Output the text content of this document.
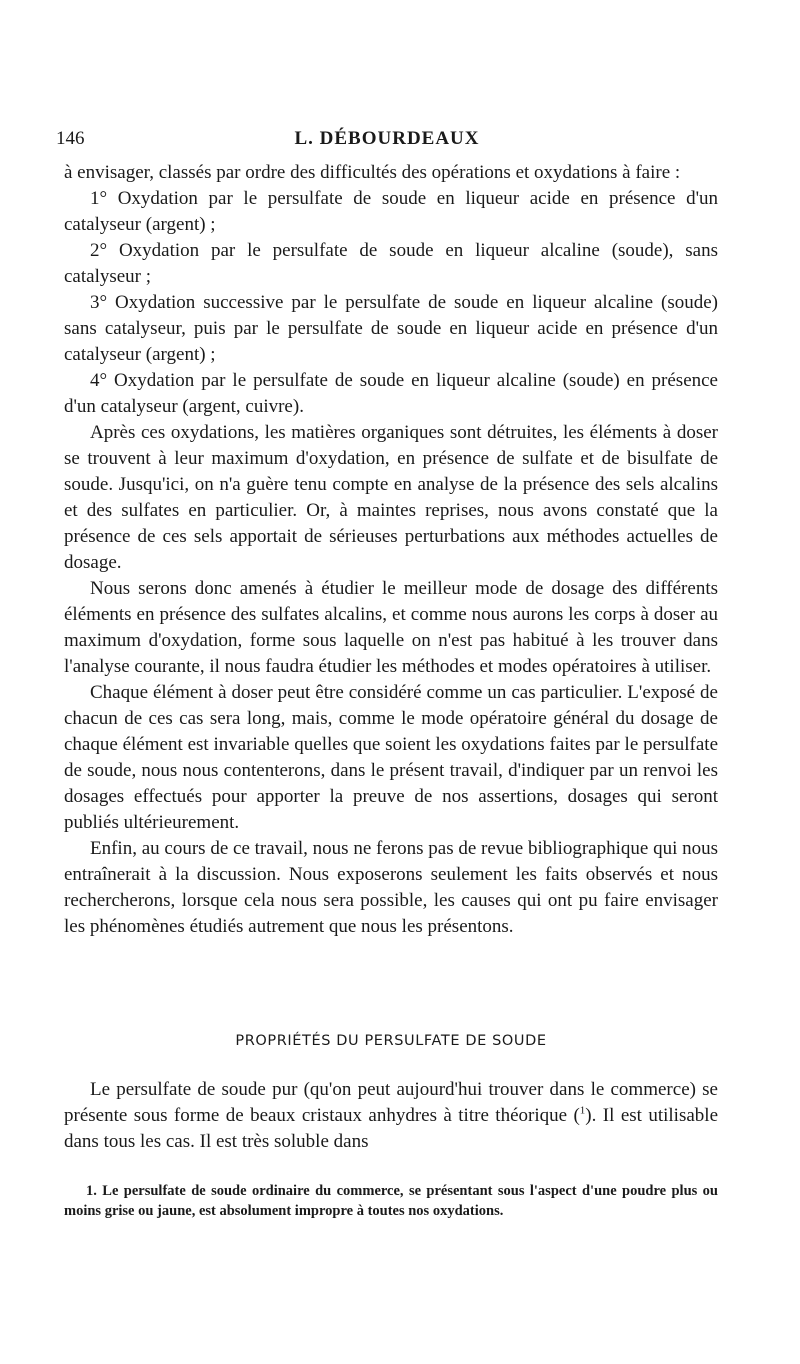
146	L. DÉBOURDEAUX

à envisager, classés par ordre des difficultés des opérations et oxydations à faire :

1° Oxydation par le persulfate de soude en liqueur acide en présence d'un catalyseur (argent) ;

2° Oxydation par le persulfate de soude en liqueur alcaline (soude), sans catalyseur ;

3° Oxydation successive par le persulfate de soude en liqueur alcaline (soude) sans catalyseur, puis par le persulfate de soude en liqueur acide en présence d'un catalyseur (argent) ;

4° Oxydation par le persulfate de soude en liqueur alcaline (soude) en présence d'un catalyseur (argent, cuivre).

Après ces oxydations, les matières organiques sont détruites, les éléments à doser se trouvent à leur maximum d'oxydation, en présence de sulfate et de bisulfate de soude. Jusqu'ici, on n'a guère tenu compte en analyse de la présence des sels alcalins et des sulfates en particulier. Or, à maintes reprises, nous avons constaté que la présence de ces sels apportait de sérieuses perturbations aux méthodes actuelles de dosage.

Nous serons donc amenés à étudier le meilleur mode de dosage des différents éléments en présence des sulfates alcalins, et comme nous aurons les corps à doser au maximum d'oxydation, forme sous laquelle on n'est pas habitué à les trouver dans l'analyse courante, il nous faudra étudier les méthodes et modes opératoires à utiliser.

Chaque élément à doser peut être considéré comme un cas particulier. L'exposé de chacun de ces cas sera long, mais, comme le mode opératoire général du dosage de chaque élément est invariable quelles que soient les oxydations faites par le persulfate de soude, nous nous contenterons, dans le présent travail, d'indiquer par un renvoi les dosages effectués pour apporter la preuve de nos assertions, dosages qui seront publiés ultérieurement.

Enfin, au cours de ce travail, nous ne ferons pas de revue bibliographique qui nous entraînerait à la discussion. Nous exposerons seulement les faits observés et nous rechercherons, lorsque cela nous sera possible, les causes qui ont pu faire envisager les phénomènes étudiés autrement que nous les présentons.

PROPRIÉTÉS DU PERSULFATE DE SOUDE

Le persulfate de soude pur (qu'on peut aujourd'hui trouver dans le commerce) se présente sous forme de beaux cristaux anhydres à titre théorique ($^1$). Il est utilisable dans tous les cas. Il est très soluble dans

1. Le persulfate de soude ordinaire du commerce, se présentant sous l'aspect d'une poudre plus ou moins grise ou jaune, est absolument impropre à toutes nos oxydations.
